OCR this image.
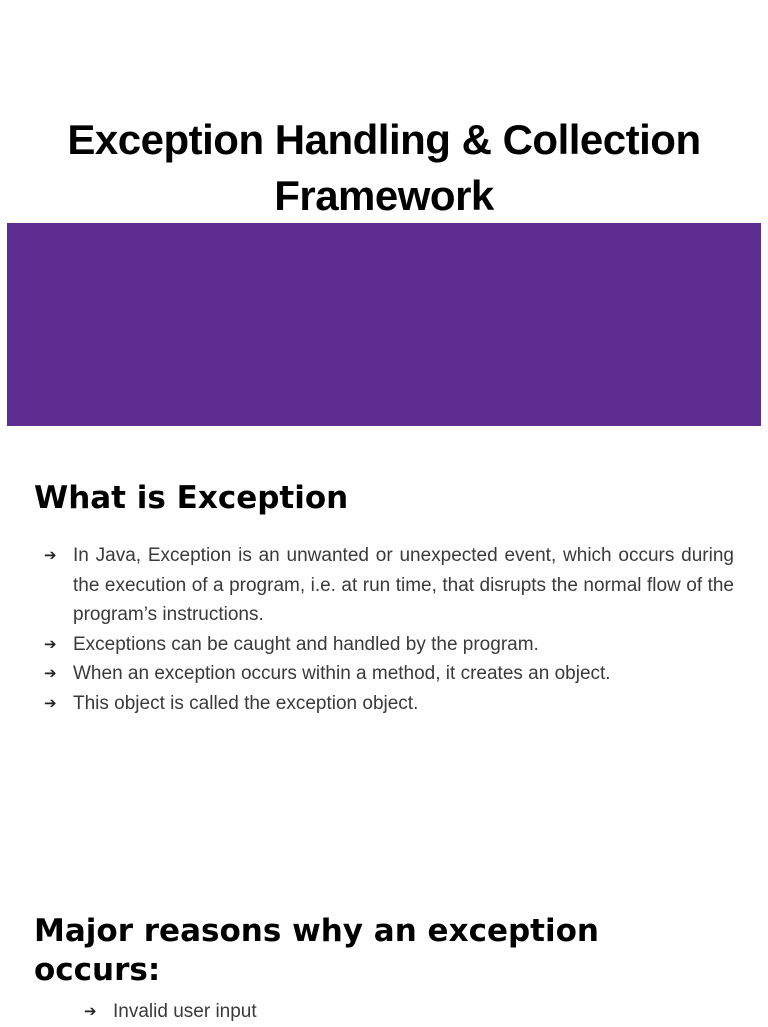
Exception Handling & Collection Framework
What is Exception
➔ In Java, Exception is an unwanted or unexpected event, which occurs during the execution of a program, i.e. at run time, that disrupts the normal flow of the program’s instructions.
➔ Exceptions can be caught and handled by the program.
➔ When an exception occurs within a method, it creates an object.
➔ This object is called the exception object.
Major reasons why an exception occurs:
➔ Invalid user input
